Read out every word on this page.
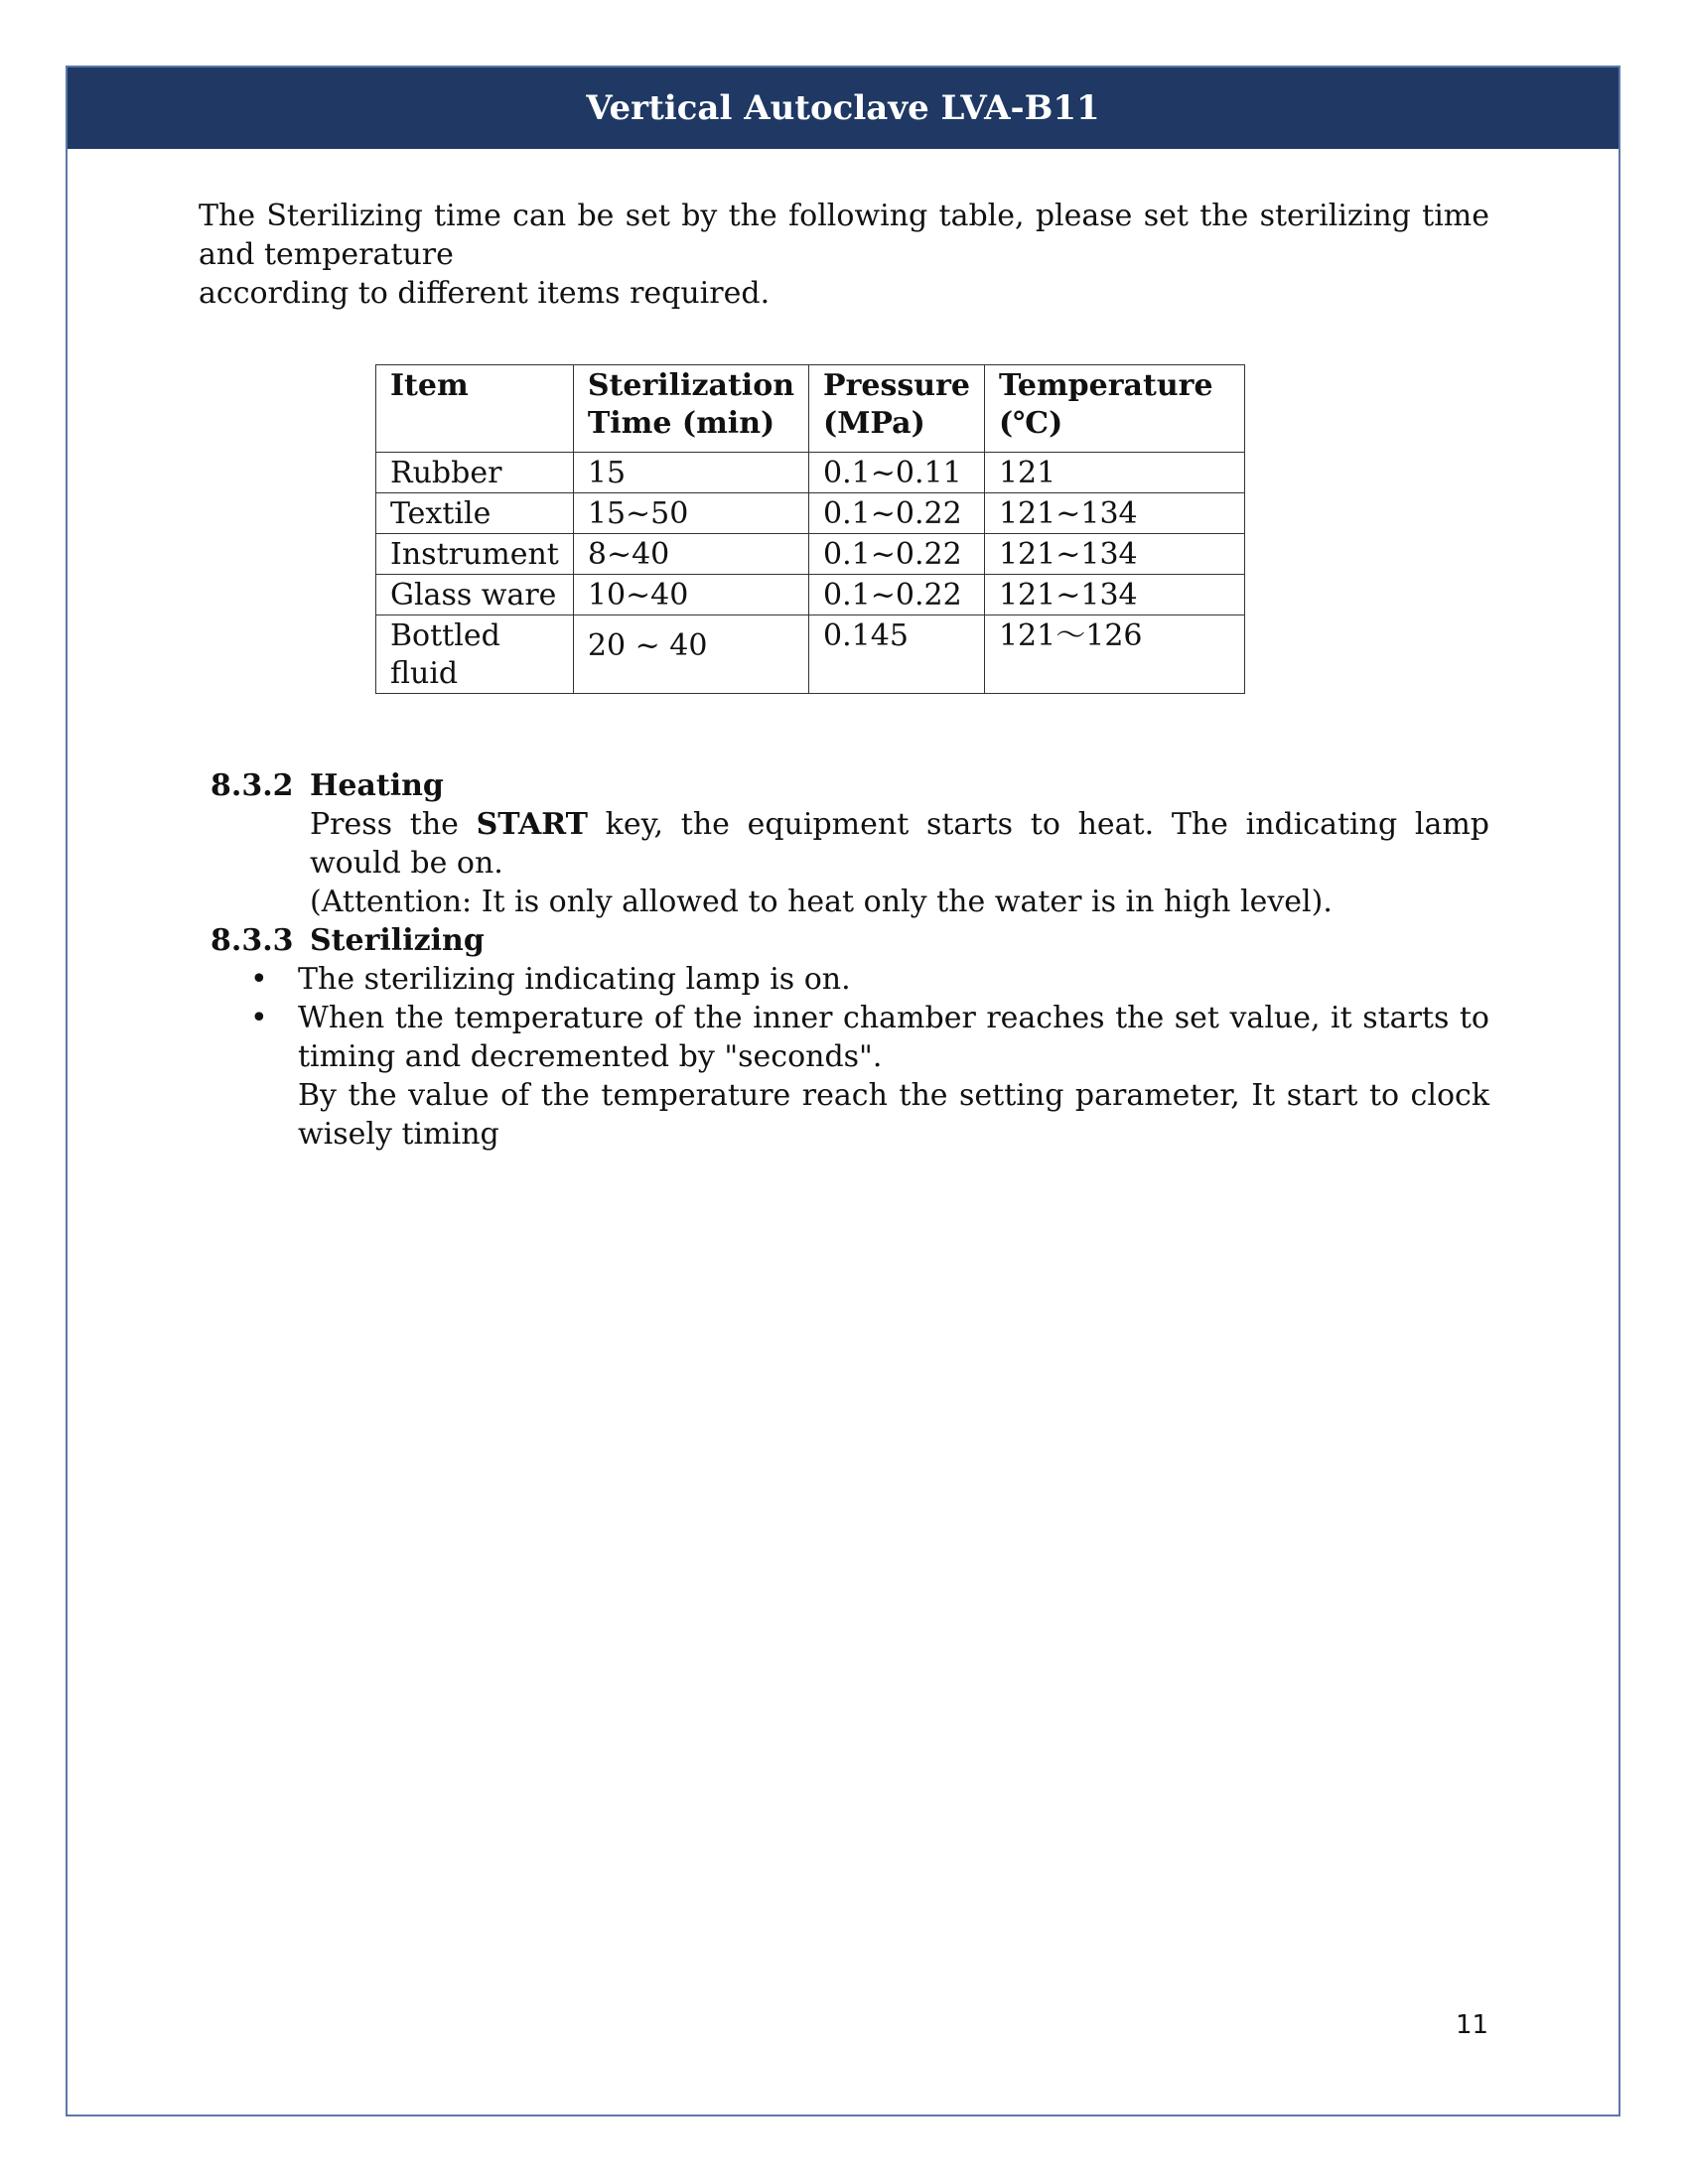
Vertical Autoclave LVA-B11

The Sterilizing time can be set by the following table, please set the sterilizing time and temperature
according to different items required.

Item	Sterilization Time (min)	Pressure (MPa)	Temperature (℃)
Rubber	15	0.1~0.11	121
Textile	15~50	0.1~0.22	121~134
Instrument	8~40	0.1~0.22	121~134
Glass ware	10~40	0.1~0.22	121~134
Bottled fluid	20 ~ 40	0.145	121～126
8.3.2 Heating
Press the START key, the equipment starts to heat. The indicating lamp would be on.
(Attention: It is only allowed to heat only the water is in high level).
8.3.3 Sterilizing
• The sterilizing indicating lamp is on.
• When the temperature of the inner chamber reaches the set value, it starts to timing and decremented by "seconds".
By the value of the temperature reach the setting parameter, It start to clock wisely timing
11
